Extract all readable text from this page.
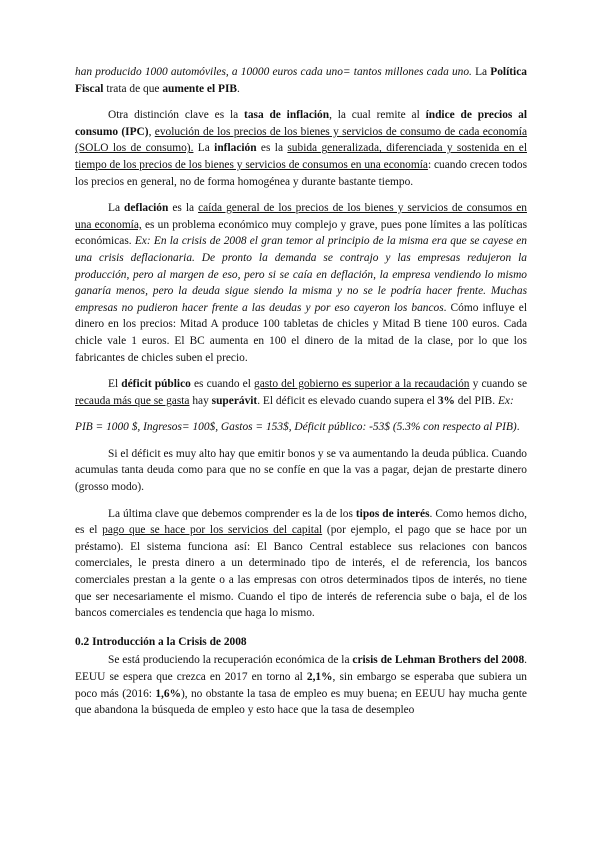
han producido 1000 automóviles, a 10000 euros cada uno= tantos millones cada uno. La Política Fiscal trata de que aumente el PIB.

Otra distinción clave es la tasa de inflación, la cual remite al índice de precios al consumo (IPC), evolución de los precios de los bienes y servicios de consumo de cada economía (SOLO los de consumo). La inflación es la subida generalizada, diferenciada y sostenida en el tiempo de los precios de los bienes y servicios de consumos en una economía: cuando crecen todos los precios en general, no de forma homogénea y durante bastante tiempo.

La deflación es la caída general de los precios de los bienes y servicios de consumos en una economía, es un problema económico muy complejo y grave, pues pone límites a las políticas económicas. Ex: En la crisis de 2008 el gran temor al principio de la misma era que se cayese en una crisis deflacionaria. De pronto la demanda se contrajo y las empresas redujeron la producción, pero al margen de eso, pero si se caía en deflación, la empresa vendiendo lo mismo ganaría menos, pero la deuda sigue siendo la misma y no se le podría hacer frente. Muchas empresas no pudieron hacer frente a las deudas y por eso cayeron los bancos. Cómo influye el dinero en los precios: Mitad A produce 100 tabletas de chicles y Mitad B tiene 100 euros. Cada chicle vale 1 euros. El BC aumenta en 100 el dinero de la mitad de la clase, por lo que los fabricantes de chicles suben el precio.

El déficit público es cuando el gasto del gobierno es superior a la recaudación y cuando se recauda más que se gasta hay superávit. El déficit es elevado cuando supera el 3% del PIB. Ex:

PIB = 1000 $, Ingresos= 100$, Gastos = 153$, Déficit público: -53$ (5.3% con respecto al PIB).

Si el déficit es muy alto hay que emitir bonos y se va aumentando la deuda pública. Cuando acumulas tanta deuda como para que no se confíe en que la vas a pagar, dejan de prestarte dinero (grosso modo).

La última clave que debemos comprender es la de los tipos de interés. Como hemos dicho, es el pago que se hace por los servicios del capital (por ejemplo, el pago que se hace por un préstamo). El sistema funciona así: El Banco Central establece sus relaciones con bancos comerciales, le presta dinero a un determinado tipo de interés, el de referencia, los bancos comerciales prestan a la gente o a las empresas con otros determinados tipos de interés, no tiene que ser necesariamente el mismo. Cuando el tipo de interés de referencia sube o baja, el de los bancos comerciales es tendencia que haga lo mismo.

0.2 Introducción a la Crisis de 2008

Se está produciendo la recuperación económica de la crisis de Lehman Brothers del 2008. EEUU se espera que crezca en 2017 en torno al 2,1%, sin embargo se esperaba que subiera un poco más (2016: 1,6%), no obstante la tasa de empleo es muy buena; en EEUU hay mucha gente que abandona la búsqueda de empleo y esto hace que la tasa de desempleo
